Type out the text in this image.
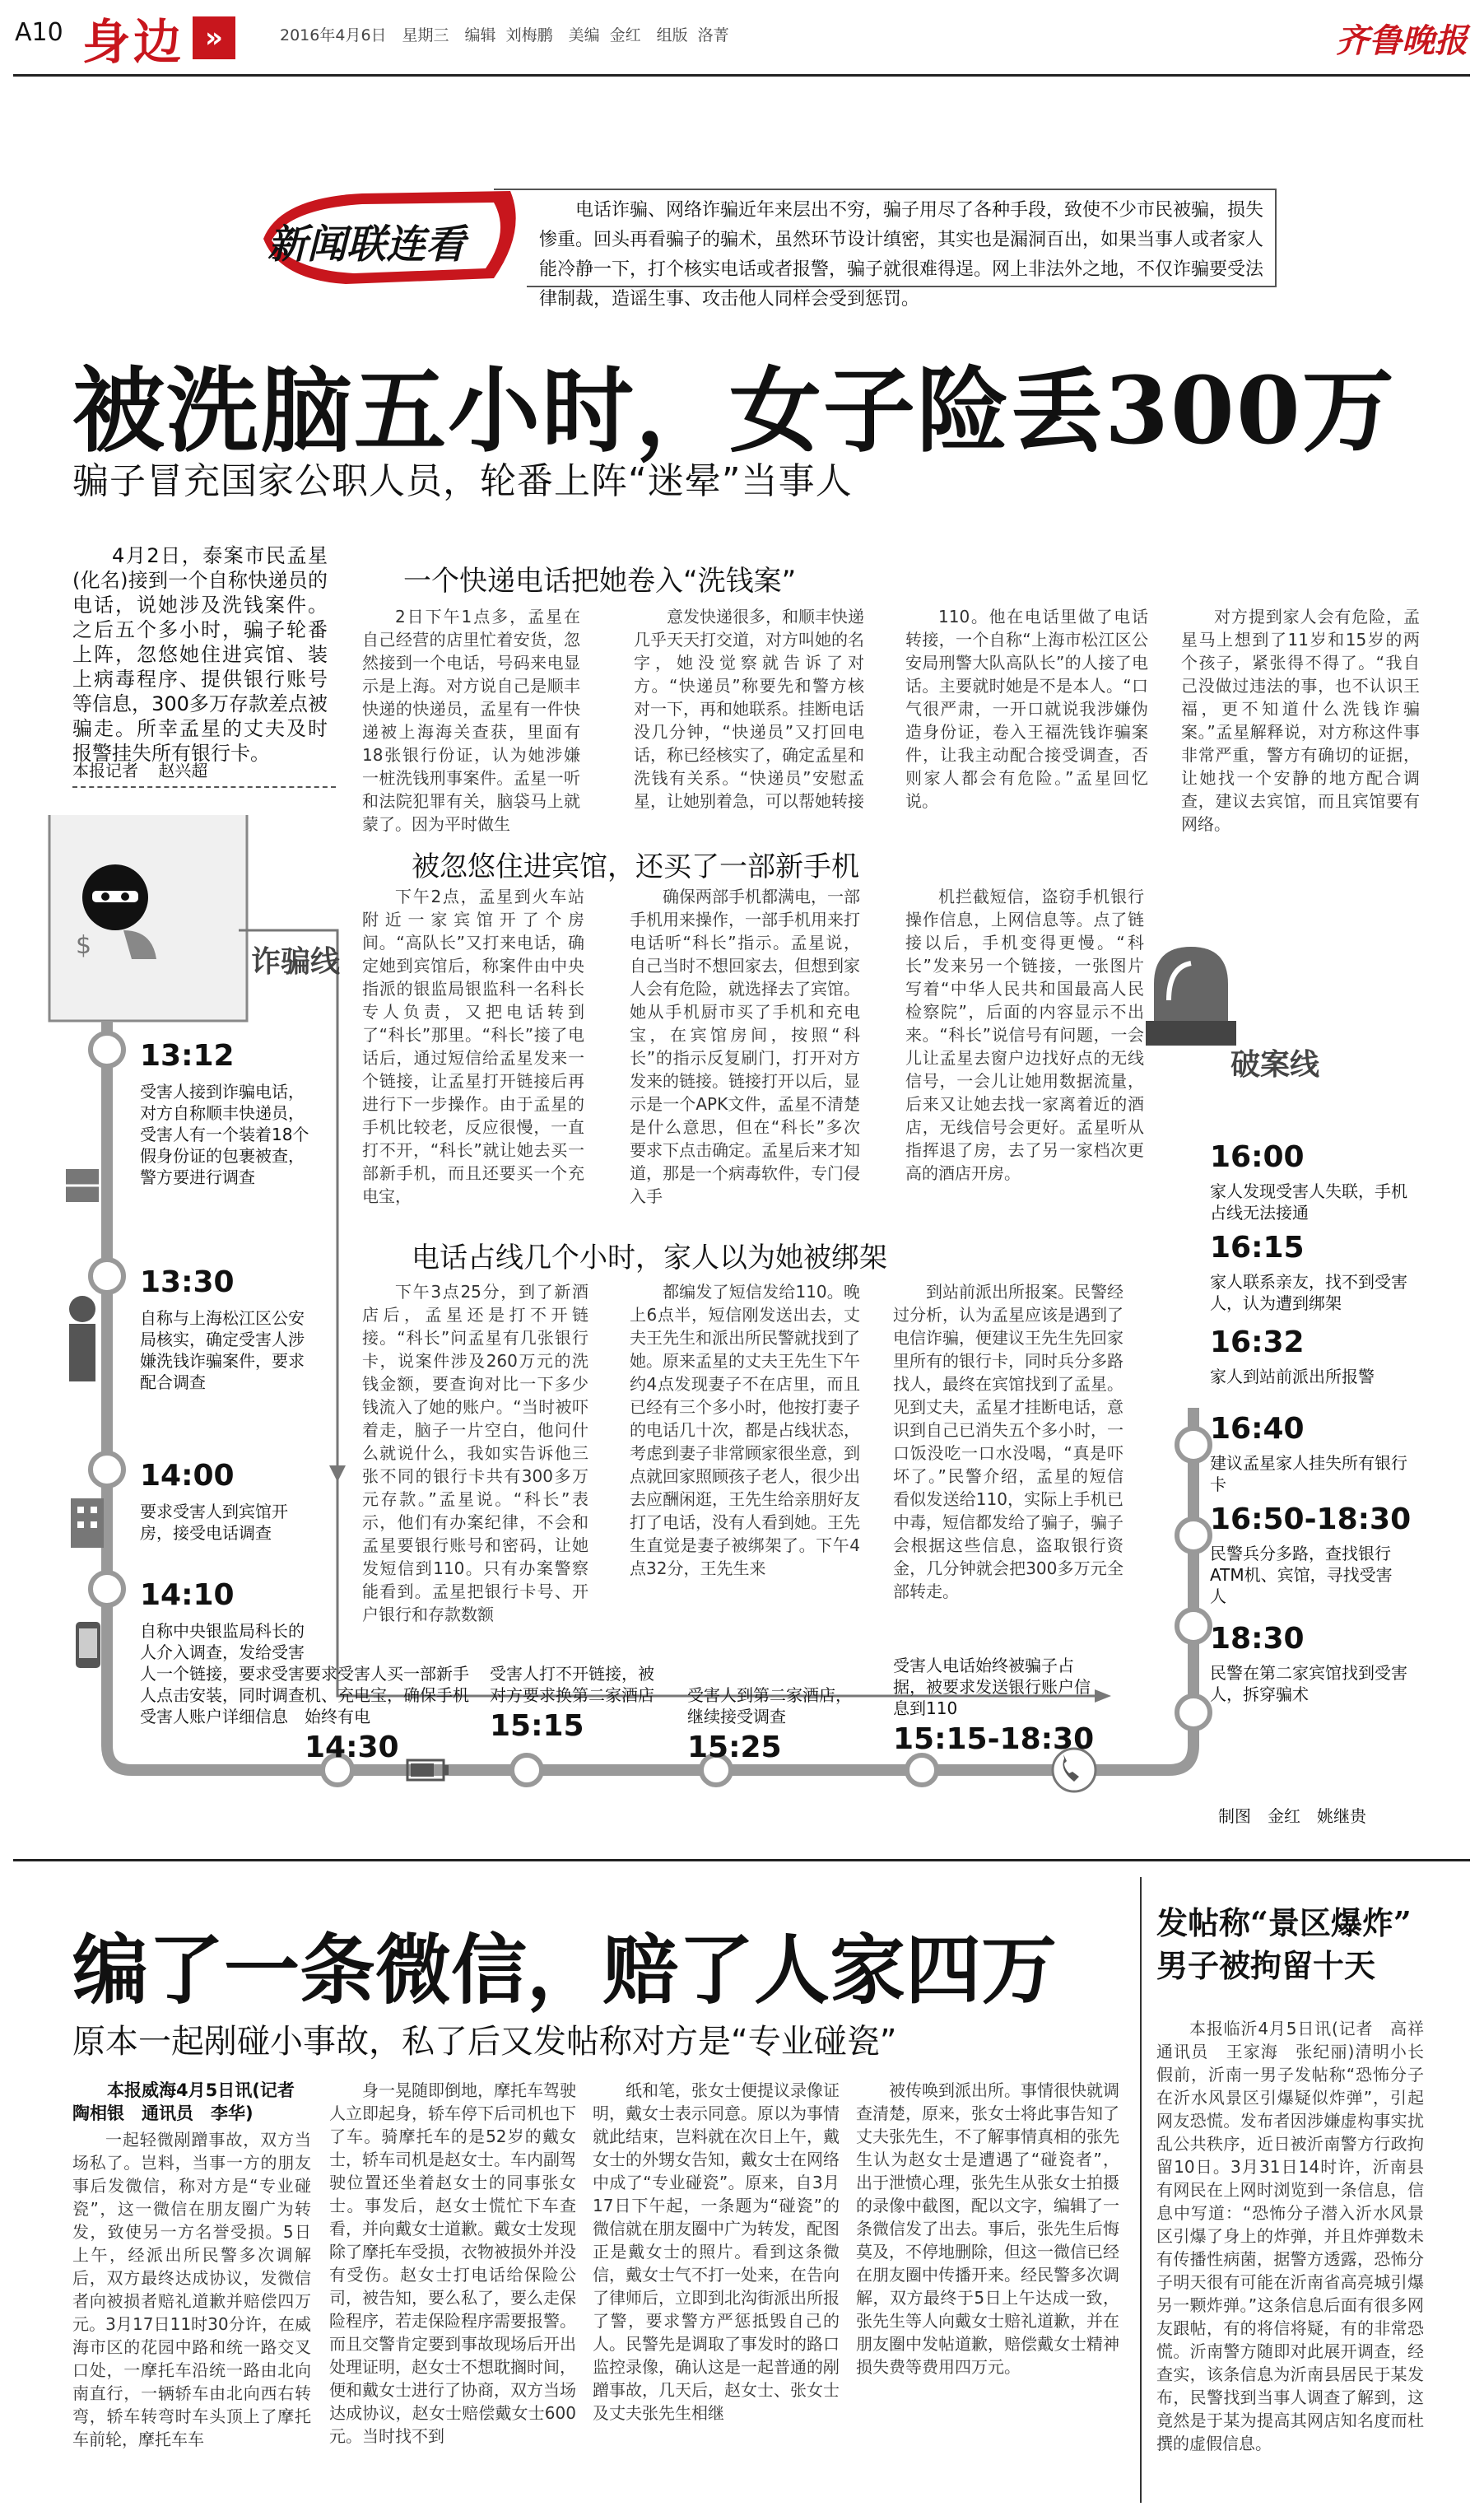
A10 身边 »	2016年4月6日　星期三　编辑 刘梅鹏　美编 金红　组版 洛菁	齐鲁晚报
新闻联连看
电话诈骗、网络诈骗近年来层出不穷，骗子用尽了各种手段，致使不少市民被骗，损失惨重。回头再看骗子的骗术，虽然环节设计缜密，其实也是漏洞百出，如果当事人或者家人能冷静一下，打个核实电话或者报警，骗子就很难得逞。网上非法外之地，不仅诈骗要受法律制裁，造谣生事、攻击他人同样会受到惩罚。
被洗脑五小时，女子险丢300万
骗子冒充国家公职人员，轮番上阵“迷晕”当事人
4月2日，泰案市民孟星(化名)接到一个自称快递员的电话，说她涉及洗钱案件。之后五个多小时，骗子轮番上阵，忽悠她住进宾馆、装上病毒程序、提供银行账号等信息，300多万存款差点被骗走。所幸孟星的丈夫及时报警挂失所有银行卡。
本报记者 赵兴超
一个快递电话把她卷入“洗钱案”
2日下午1点多，孟星在自己经营的店里忙着安货，忽然接到一个电话，号码来电显示是上海。对方说自己是顺丰快递的快递员，孟星有一件快递被上海海关查获，里面有18张银行份证，认为她涉嫌一桩洗钱刑事案件。孟星一听和法院犯罪有关，脑袋马上就蒙了。因为平时做生
意发快递很多，和顺丰快递几乎天天打交道，对方叫她的名字，她没觉察就告诉了对方。“快递员”称要先和警方核对一下，再和她联系。挂断电话没几分钟，“快递员”又打回电话，称已经核实了，确定孟星和洗钱有关系。“快递员”安慰孟星，让她别着急，可以帮她转接
110。他在电话里做了电话转接，一个自称“上海市松江区公安局刑警大队高队长”的人接了电话。主要就时她是不是本人。“口气很严肃，一开口就说我涉嫌伪造身份证，卷入王福洗钱诈骗案件，让我主动配合接受调查，否则家人都会有危险。”孟星回忆说。
对方提到家人会有危险，孟星马上想到了11岁和15岁的两个孩子，紧张得不得了。“我自己没做过违法的事，也不认识王福，更不知道什么洗钱诈骗案。”孟星解释说，对方称这件事非常严重，警方有确切的证据，让她找一个安静的地方配合调查，建议去宾馆，而且宾馆要有网络。
$	诈骗线
破案线
被忽悠住进宾馆，还买了一部新手机
下午2点，孟星到火车站附近一家宾馆开了个房间。“高队长”又打来电话，确定她到宾馆后，称案件由中央指派的银监局银监科一名科长专人负责，又把电话转到了“科长”那里。“科长”接了电话后，通过短信给孟星发来一个链接，让孟星打开链接后再进行下一步操作。由于孟星的手机比较老，反应很慢，一直打不开，“科长”就让她去买一部新手机，而且还要买一个充电宝，
确保两部手机都满电，一部手机用来操作，一部手机用来打电话听“科长”指示。孟星说，自己当时不想回家去，但想到家人会有危险，就选择去了宾馆。她从手机厨市买了手机和充电宝，在宾馆房间，按照“科长”的指示反复刷门，打开对方发来的链接。链接打开以后，显示是一个APK文件，孟星不清楚是什么意思，但在“科长”多次要求下点击确定。孟星后来才知道，那是一个病毒软件，专门侵入手
机拦截短信，盗窃手机银行操作信息，上网信息等。点了链接以后，手机变得更慢。“科长”发来另一个链接，一张图片写着“中华人民共和国最高人民检察院”，后面的内容显示不出来。“科长”说信号有问题，一会儿让孟星去窗户边找好点的无线信号，一会儿让她用数据流量，后来又让她去找一家离着近的酒店，无线信号会更好。孟星听从指挥退了房，去了另一家档次更高的酒店开房。
电话占线几个小时，家人以为她被绑架
下午3点25分，到了新酒店后，孟星还是打不开链接。“科长”问孟星有几张银行卡，说案件涉及260万元的洗钱金额，要查询对比一下多少钱流入了她的账户。“当时被吓着走，脑子一片空白，他问什么就说什么，我如实告诉他三张不同的银行卡共有300多万元存款。”孟星说。“科长”表示，他们有办案纪律，不会和孟星要银行账号和密码，让她发短信到110。只有办案警察能看到。孟星把银行卡号、开户银行和存款数额
都编发了短信发给110。晚上6点半，短信刚发送出去，丈夫王先生和派出所民警就找到了她。原来孟星的丈夫王先生下午约4点发现妻子不在店里，而且已经有三个多小时，他按打妻子的电话几十次，都是占线状态，考虑到妻子非常顾家很坐意，到点就回家照顾孩子老人，很少出去应酬闲逛，王先生给亲朋好友打了电话，没有人看到她。王先生直觉是妻子被绑架了。下午4点32分，王先生来
到站前派出所报案。民警经过分析，认为孟星应该是遇到了电信诈骗，便建议王先生先回家里所有的银行卡，同时兵分多路找人，最终在宾馆找到了孟星。见到丈夫，孟星才挂断电话，意识到自己已消失五个多小时，一口饭没吃一口水没喝，“真是吓坏了。”民警介绍，孟星的短信看似发送给110，实际上手机已中毒，短信都发给了骗子，骗子会根据这些信息，盗取银行资金，几分钟就会把300多万元全部转走。
13:12
受害人接到诈骗电话，对方自称顺丰快递员，受害人有一个装着18个假身份证的包裹被查，警方要进行调查
13:30
自称与上海松江区公安局核实，确定受害人涉嫌洗钱诈骗案件，要求配合调查
14:00
要求受害人到宾馆开房，接受电话调查
14:10
自称中央银监局科长的人介入调查，发给受害人一个链接，要求受害人点击安装，同时调查受害人账户详细信息
要求受害人买一部新手机、充电宝，确保手机始终有电
14:30
受害人打不开链接，被对方要求换第二家酒店
15:15
受害人到第二家酒店，继续接受调查
15:25
受害人电话始终被骗子占据，被要求发送银行账户信息到110
15:15-18:30
16:00
家人发现受害人失联，手机占线无法接通
16:15
家人联系亲友，找不到受害人，认为遭到绑架
16:32
家人到站前派出所报警
16:40
建议孟星家人挂失所有银行卡
16:50-18:30
民警兵分多路，查找银行ATM机、宾馆，寻找受害人
18:30
民警在第二家宾馆找到受害人，拆穿骗术
制图　金红　姚继贵
编了一条微信，赔了人家四万
原本一起剐碰小事故，私了后又发帖称对方是“专业碰瓷”
本报威海4月5日讯(记者　陶相银　通讯员　李华)
一起轻微剐蹭事故，双方当场私了。岂料，当事一方的朋友事后发微信，称对方是“专业碰瓷”，这一微信在朋友圈广为转发，致使另一方名誉受损。5日上午，经派出所民警多次调解后，双方最终达成协议，发微信者向被损者赔礼道歉并赔偿四万元。3月17日11时30分许，在威海市区的花园中路和统一路交叉口处，一摩托车沿统一路由北向南直行，一辆轿车由北向西右转弯，轿车转弯时车头顶上了摩托车前轮，摩托车车
身一晃随即倒地，摩托车驾驶人立即起身，轿车停下后司机也下了车。骑摩托车的是52岁的戴女士，轿车司机是赵女士。车内副驾驶位置还坐着赵女士的同事张女士。事发后，赵女士慌忙下车查看，并向戴女士道歉。戴女士发现除了摩托车受损，衣物被损外并没有受伤。赵女士打电话给保险公司，被告知，要么私了，要么走保险程序，若走保险程序需要报警。而且交警肯定要到事故现场后开出处理证明，赵女士不想耽搁时间，便和戴女士进行了协商，双方当场达成协议，赵女士赔偿戴女士600元。当时找不到
纸和笔，张女士便提议录像证明，戴女士表示同意。原以为事情就此结束，岂料就在次日上午，戴女士的外甥女告知，戴女士在网络中成了“专业碰瓷”。原来，自3月17日下午起，一条题为“碰瓷”的微信就在朋友圈中广为转发，配图正是戴女士的照片。看到这条微信，戴女士气不打一处来，在告向了律师后，立即到北沟街派出所报了警，要求警方严惩抵毁自己的人。民警先是调取了事发时的路口监控录像，确认这是一起普通的剐蹭事故，几天后，赵女士、张女士及丈夫张先生相继
被传唤到派出所。事情很快就调查清楚，原来，张女士将此事告知了丈夫张先生，不了解事情真相的张先生认为赵女士是遭遇了“碰瓷者”，出于泄愤心理，张先生从张女士拍摄的录像中截图，配以文字，编辑了一条微信发了出去。事后，张先生后悔莫及，不停地删除，但这一微信已经在朋友圈中传播开来。经民警多次调解，双方最终于5日上午达成一致，张先生等人向戴女士赔礼道歉，并在朋友圈中发帖道歉，赔偿戴女士精神损失费等费用四万元。
发帖称“景区爆炸”
男子被拘留十天
本报临沂4月5日讯(记者　高祥　通讯员　王家海　张纪丽)清明小长假前，沂南一男子发帖称“恐怖分子在沂水风景区引爆疑似炸弹”，引起网友恐慌。发布者因涉嫌虚构事实扰乱公共秩序，近日被沂南警方行政拘留10日。3月31日14时许，沂南县有网民在上网时浏览到一条信息，信息中写道：“恐怖分子潜入沂水风景区引爆了身上的炸弹，并且炸弹数未有传播性病菌，据警方透露，恐怖分子明天很有可能在沂南省高亮城引爆另一颗炸弹。”这条信息后面有很多网友跟帖，有的将信将疑，有的非常恐慌。沂南警方随即对此展开调查，经查实，该条信息为沂南县居民于某发布，民警找到当事人调查了解到，这竟然是于某为提高其网店知名度而杜撰的虚假信息。
